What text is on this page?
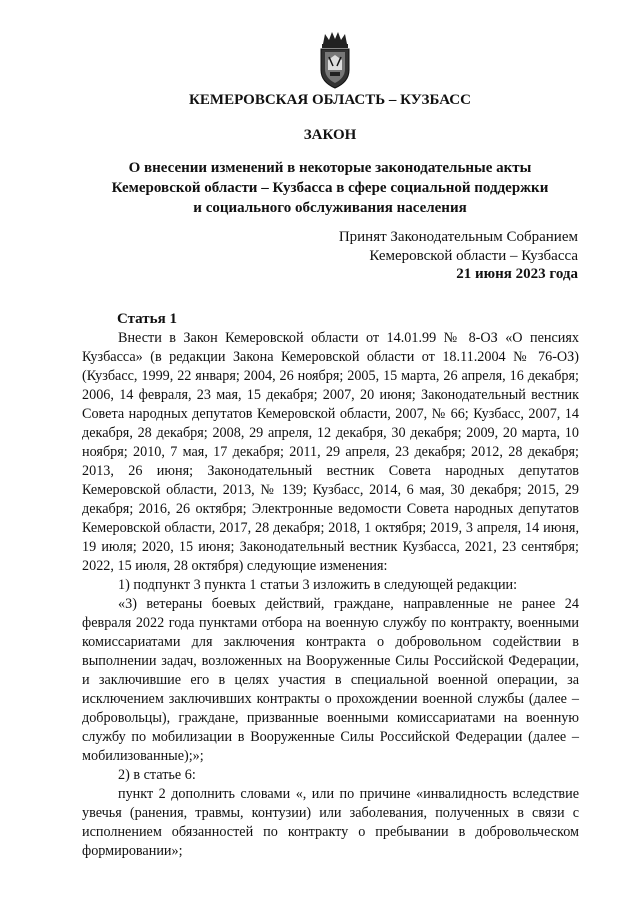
КЕМЕРОВСКАЯ ОБЛАСТЬ – КУЗБАСС
ЗАКОН
О внесении изменений в некоторые законодательные акты
Кемеровской области – Кузбасса в сфере социальной поддержки
и социального обслуживания населения
Принят Законодательным Собранием
Кемеровской области – Кузбасса
21 июня 2023 года
Статья 1

Внести в Закон Кемеровской области от 14.01.99 № 8-ОЗ «О пенсиях Кузбасса» (в редакции Закона Кемеровской области от 18.11.2004 № 76-ОЗ) (Кузбасс, 1999, 22 января; 2004, 26 ноября; 2005, 15 марта, 26 апреля, 16 декабря; 2006, 14 февраля, 23 мая, 15 декабря; 2007, 20 июня; Законодательный вестник Совета народных депутатов Кемеровской области, 2007, № 66; Кузбасс, 2007, 14 декабря, 28 декабря; 2008, 29 апреля, 12 декабря, 30 декабря; 2009, 20 марта, 10 ноября; 2010, 7 мая, 17 декабря; 2011, 29 апреля, 23 декабря; 2012, 28 декабря; 2013, 26 июня; Законодательный вестник Совета народных депутатов Кемеровской области, 2013, № 139; Кузбасс, 2014, 6 мая, 30 декабря; 2015, 29 декабря; 2016, 26 октября; Электронные ведомости Совета народных депутатов Кемеровской области, 2017, 28 декабря; 2018, 1 октября; 2019, 3 апреля, 14 июня, 19 июля; 2020, 15 июня; Законодательный вестник Кузбасса, 2021, 23 сентября; 2022, 15 июля, 28 октября) следующие изменения:

1) подпункт 3 пункта 1 статьи 3 изложить в следующей редакции:

«3) ветераны боевых действий, граждане, направленные не ранее 24 февраля 2022 года пунктами отбора на военную службу по контракту, военными комиссариатами для заключения контракта о добровольном содействии в выполнении задач, возложенных на Вооруженные Силы Российской Федерации, и заключившие его в целях участия в специальной военной операции, за исключением заключивших контракты о прохождении военной службы (далее – добровольцы), граждане, призванные военными комиссариатами на военную службу по мобилизации в Вооруженные Силы Российской Федерации (далее – мобилизованные);»;

2) в статье 6:

пункт 2 дополнить словами «, или по причине «инвалидность вследствие увечья (ранения, травмы, контузии) или заболевания, полученных в связи с исполнением обязанностей по контракту о пребывании в добровольческом формировании»;
